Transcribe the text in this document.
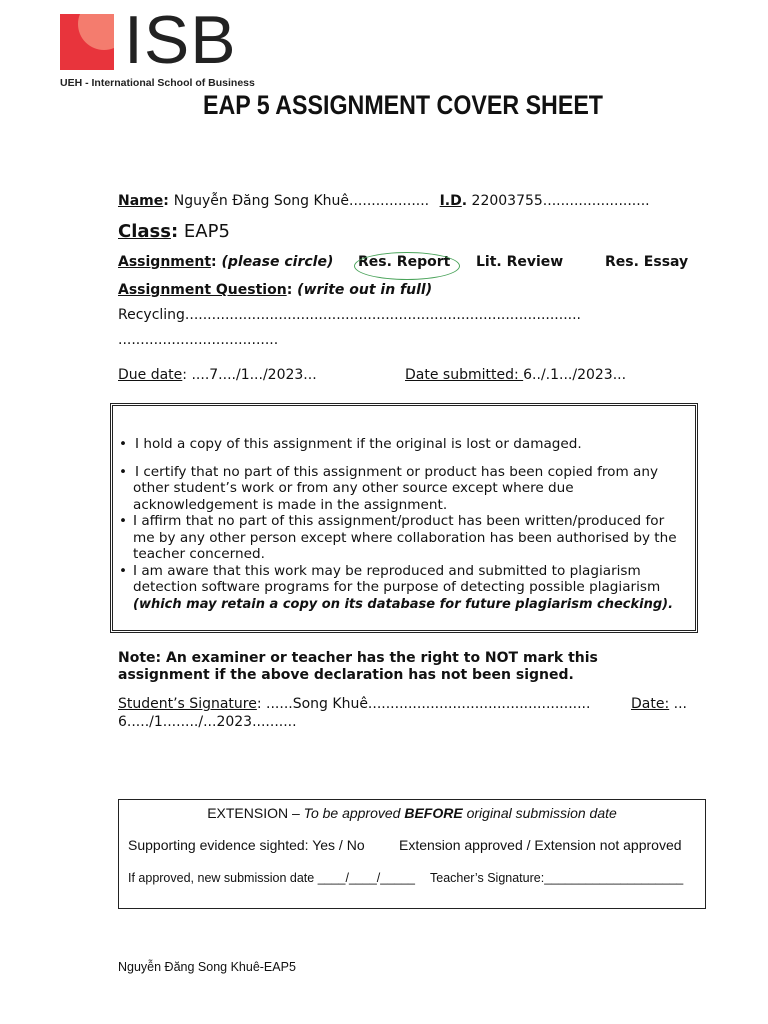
ISB
UEH - International School of Business
EAP 5 ASSIGNMENT COVER SHEET
Name: Nguyễn Đăng Song Khuê.................. I.D. 22003755........................
Class: EAP5
Assignment: (please circle) Res. Report Lit. Review	Res. Essay
Assignment Question: (write out in full)
Recycling.........................................................................................
....................................
Due date: ....7..../1.../2023...	Date submitted: 6../.1.../2023...
• I hold a copy of this assignment if the original is lost or damaged.
• I certify that no part of this assignment or product has been copied from any other student’s work or from any other source except where due acknowledgement is made in the assignment.
• I affirm that no part of this assignment/product has been written/produced for me by any other person except where collaboration has been authorised by the teacher concerned.
• I am aware that this work may be reproduced and submitted to plagiarism detection software programs for the purpose of detecting possible plagiarism
(which may retain a copy on its database for future plagiarism checking).
Note: An examiner or teacher has the right to NOT mark this assignment if the above declaration has not been signed.
Student’s Signature: ......Song Khuê..................................................	Date: ...
6...../1......../...2023..........
EXTENSION – To be approved BEFORE original submission date
Supporting evidence sighted: Yes / No Extension approved / Extension not approved
If approved, new submission date ____/____/_____ Teacher’s Signature:____________________
Nguyễn Đăng Song Khuê-EAP5
